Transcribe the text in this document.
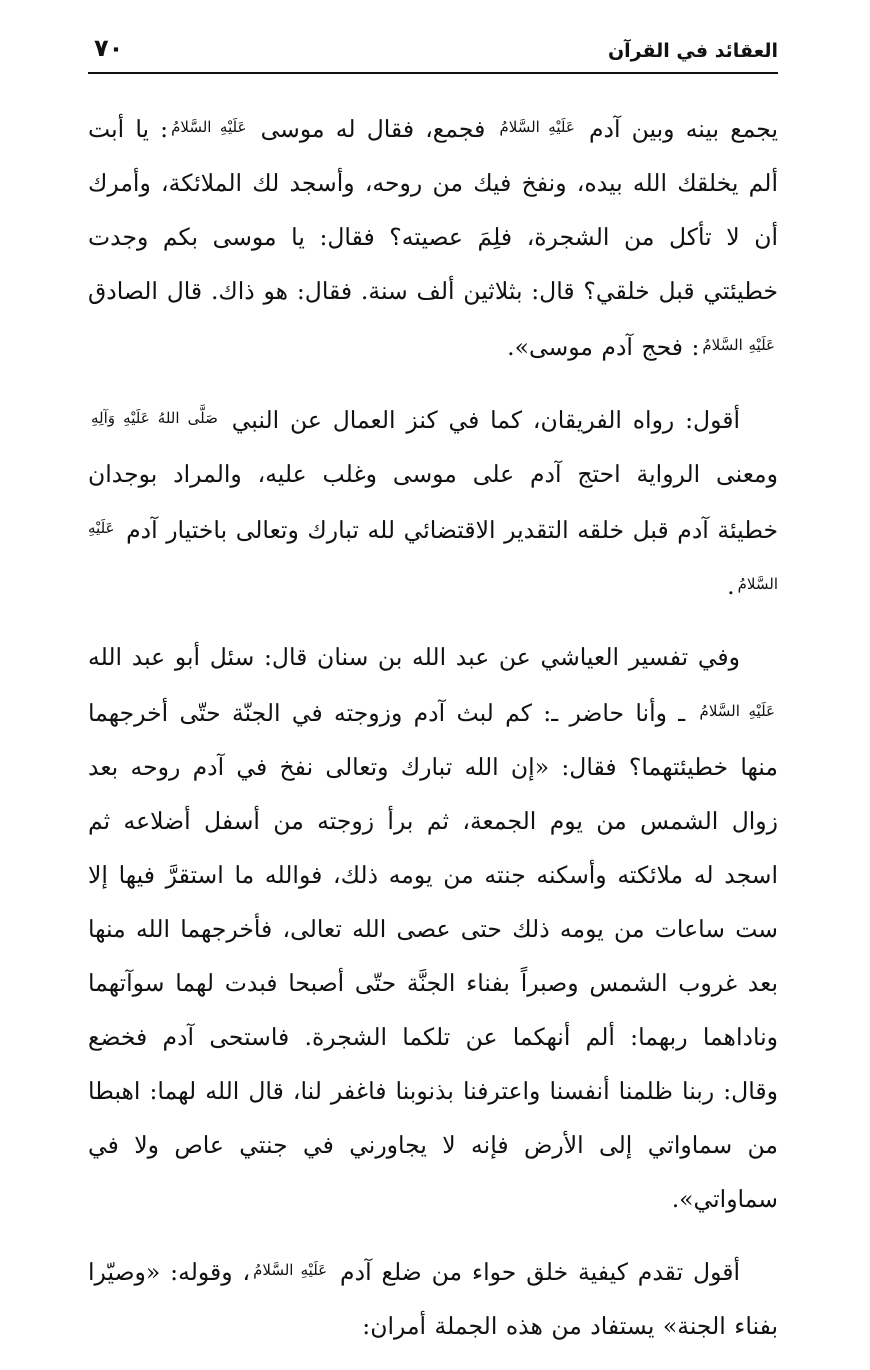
العقائد في القرآن
٧٠

يجمع بينه وبين آدم $^{عَلَيْهِ السَّلامُ}$ فجمع، فقال له موسى $^{عَلَيْهِ السَّلامُ}$: يا أبت ألم يخلقك الله بيده، ونفخ فيك من روحه، وأسجد لك الملائكة، وأمرك أن لا تأكل من الشجرة، فلِمَ عصيته؟ فقال: يا موسى بكم وجدت خطيئتي قبل خلقي؟ قال: بثلاثين ألف سنة. فقال: هو ذاك. قال الصادق $^{عَلَيْهِ السَّلامُ}$: فحج آدم موسى».

أقول: رواه الفريقان، كما في كنز العمال عن النبي $^{صَلَّى اللهُ عَلَيْهِ وَآلِهِ}$ ومعنى الرواية احتج آدم على موسى وغلب عليه، والمراد بوجدان خطيئة آدم قبل خلقه التقدير الاقتضائي لله تبارك وتعالى باختيار آدم $^{عَلَيْهِ السَّلامُ}$.

وفي تفسير العياشي عن عبد الله بن سنان قال: سئل أبو عبد الله $^{عَلَيْهِ السَّلامُ}$ ـ وأنا حاضر ـ: كم لبث آدم وزوجته في الجنّة حتّى أخرجهما منها خطيئتهما؟ فقال: «إن الله تبارك وتعالى نفخ في آدم روحه بعد زوال الشمس من يوم الجمعة، ثم برأ زوجته من أسفل أضلاعه ثم اسجد له ملائكته وأسكنه جنته من يومه ذلك، فوالله ما استقرَّ فيها إلا ست ساعات من يومه ذلك حتى عصى الله تعالى، فأخرجهما الله منها بعد غروب الشمس وصبراً بفناء الجنَّة حتّى أصبحا فبدت لهما سوآتهما وناداهما ربهما: ألم أنهكما عن تلكما الشجرة. فاستحى آدم فخضع وقال: ربنا ظلمنا أنفسنا واعترفنا بذنوبنا فاغفر لنا، قال الله لهما: اهبطا من سماواتي إلى الأرض فإنه لا يجاورني في جنتي عاص ولا في سماواتي».

أقول تقدم كيفية خلق حواء من ضلع آدم $^{عَلَيْهِ السَّلامُ}$، وقوله: «وصيّرا بفناء الجنة» يستفاد من هذه الجملة أمران:
